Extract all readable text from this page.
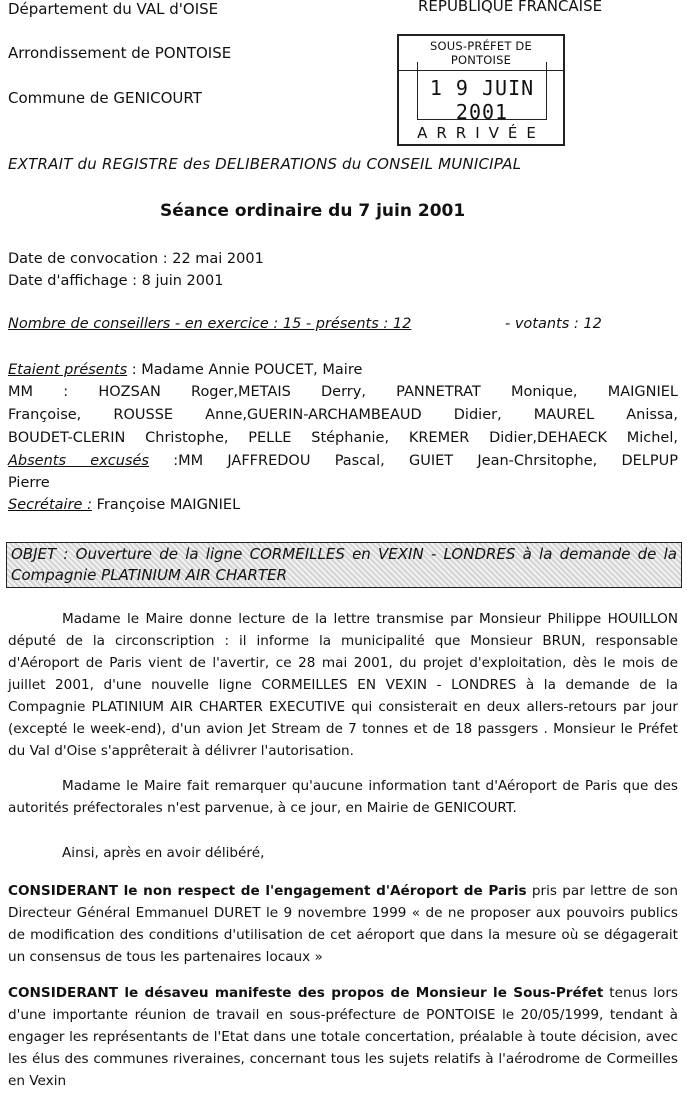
Département du VAL d'OISE	REPUBLIQUE FRANCAISE
Arrondissement de PONTOISE
Commune de GENICOURT
SOUS-PRÉFET DE PONTOISE
1 9 JUIN 2001
ARRIVÉE
EXTRAIT du REGISTRE des DELIBERATIONS du CONSEIL MUNICIPAL
Séance ordinaire du 7 juin 2001
Date de convocation : 22 mai 2001
Date d'affichage : 8 juin 2001
Nombre de conseillers - en exercice : 15 - présents : 12	- votants : 12
Etaient présents : Madame Annie POUCET, Maire
MM : HOZSAN Roger,METAIS Derry, PANNETRAT Monique, MAIGNIEL
Françoise, ROUSSE Anne,GUERIN-ARCHAMBEAUD Didier, MAUREL Anissa,
BOUDET-CLERIN Christophe, PELLE Stéphanie, KREMER Didier,DEHAECK Michel,
Absents excusés :MM JAFFREDOU Pascal, GUIET Jean-Chrsitophe, DELPUP
Pierre
Secrétaire : Françoise MAIGNIEL
OBJET : Ouverture de la ligne CORMEILLES en VEXIN - LONDRES à la demande de la Compagnie PLATINIUM AIR CHARTER
Madame le Maire donne lecture de la lettre transmise par Monsieur Philippe HOUILLON député de la circonscription : il informe la municipalité que Monsieur BRUN, responsable d'Aéroport de Paris vient de l'avertir, ce 28 mai 2001, du projet d'exploitation, dès le mois de juillet 2001, d'une nouvelle ligne CORMEILLES EN VEXIN - LONDRES à la demande de la Compagnie PLATINIUM AIR CHARTER EXECUTIVE qui consisterait en deux allers-retours par jour (excepté le week-end), d'un avion Jet Stream de 7 tonnes et de 18 passgers . Monsieur le Préfet du Val d'Oise s'apprêterait à délivrer l'autorisation.
Madame le Maire fait remarquer qu'aucune information tant d'Aéroport de Paris que des autorités préfectorales n'est parvenue, à ce jour, en Mairie de GENICOURT.
Ainsi, après en avoir délibéré,
CONSIDERANT le non respect de l'engagement d'Aéroport de Paris pris par lettre de son Directeur Général Emmanuel DURET le 9 novembre 1999 « de ne proposer aux pouvoirs publics de modification des conditions d'utilisation de cet aéroport que dans la mesure où se dégagerait un consensus de tous les partenaires locaux »
CONSIDERANT le désaveu manifeste des propos de Monsieur le Sous-Préfet tenus lors d'une importante réunion de travail en sous-préfecture de PONTOISE le 20/05/1999, tendant à engager les représentants de l'Etat dans une totale concertation, préalable à toute décision, avec les élus des communes riveraines, concernant tous les sujets relatifs à l'aérodrome de Cormeilles en Vexin
